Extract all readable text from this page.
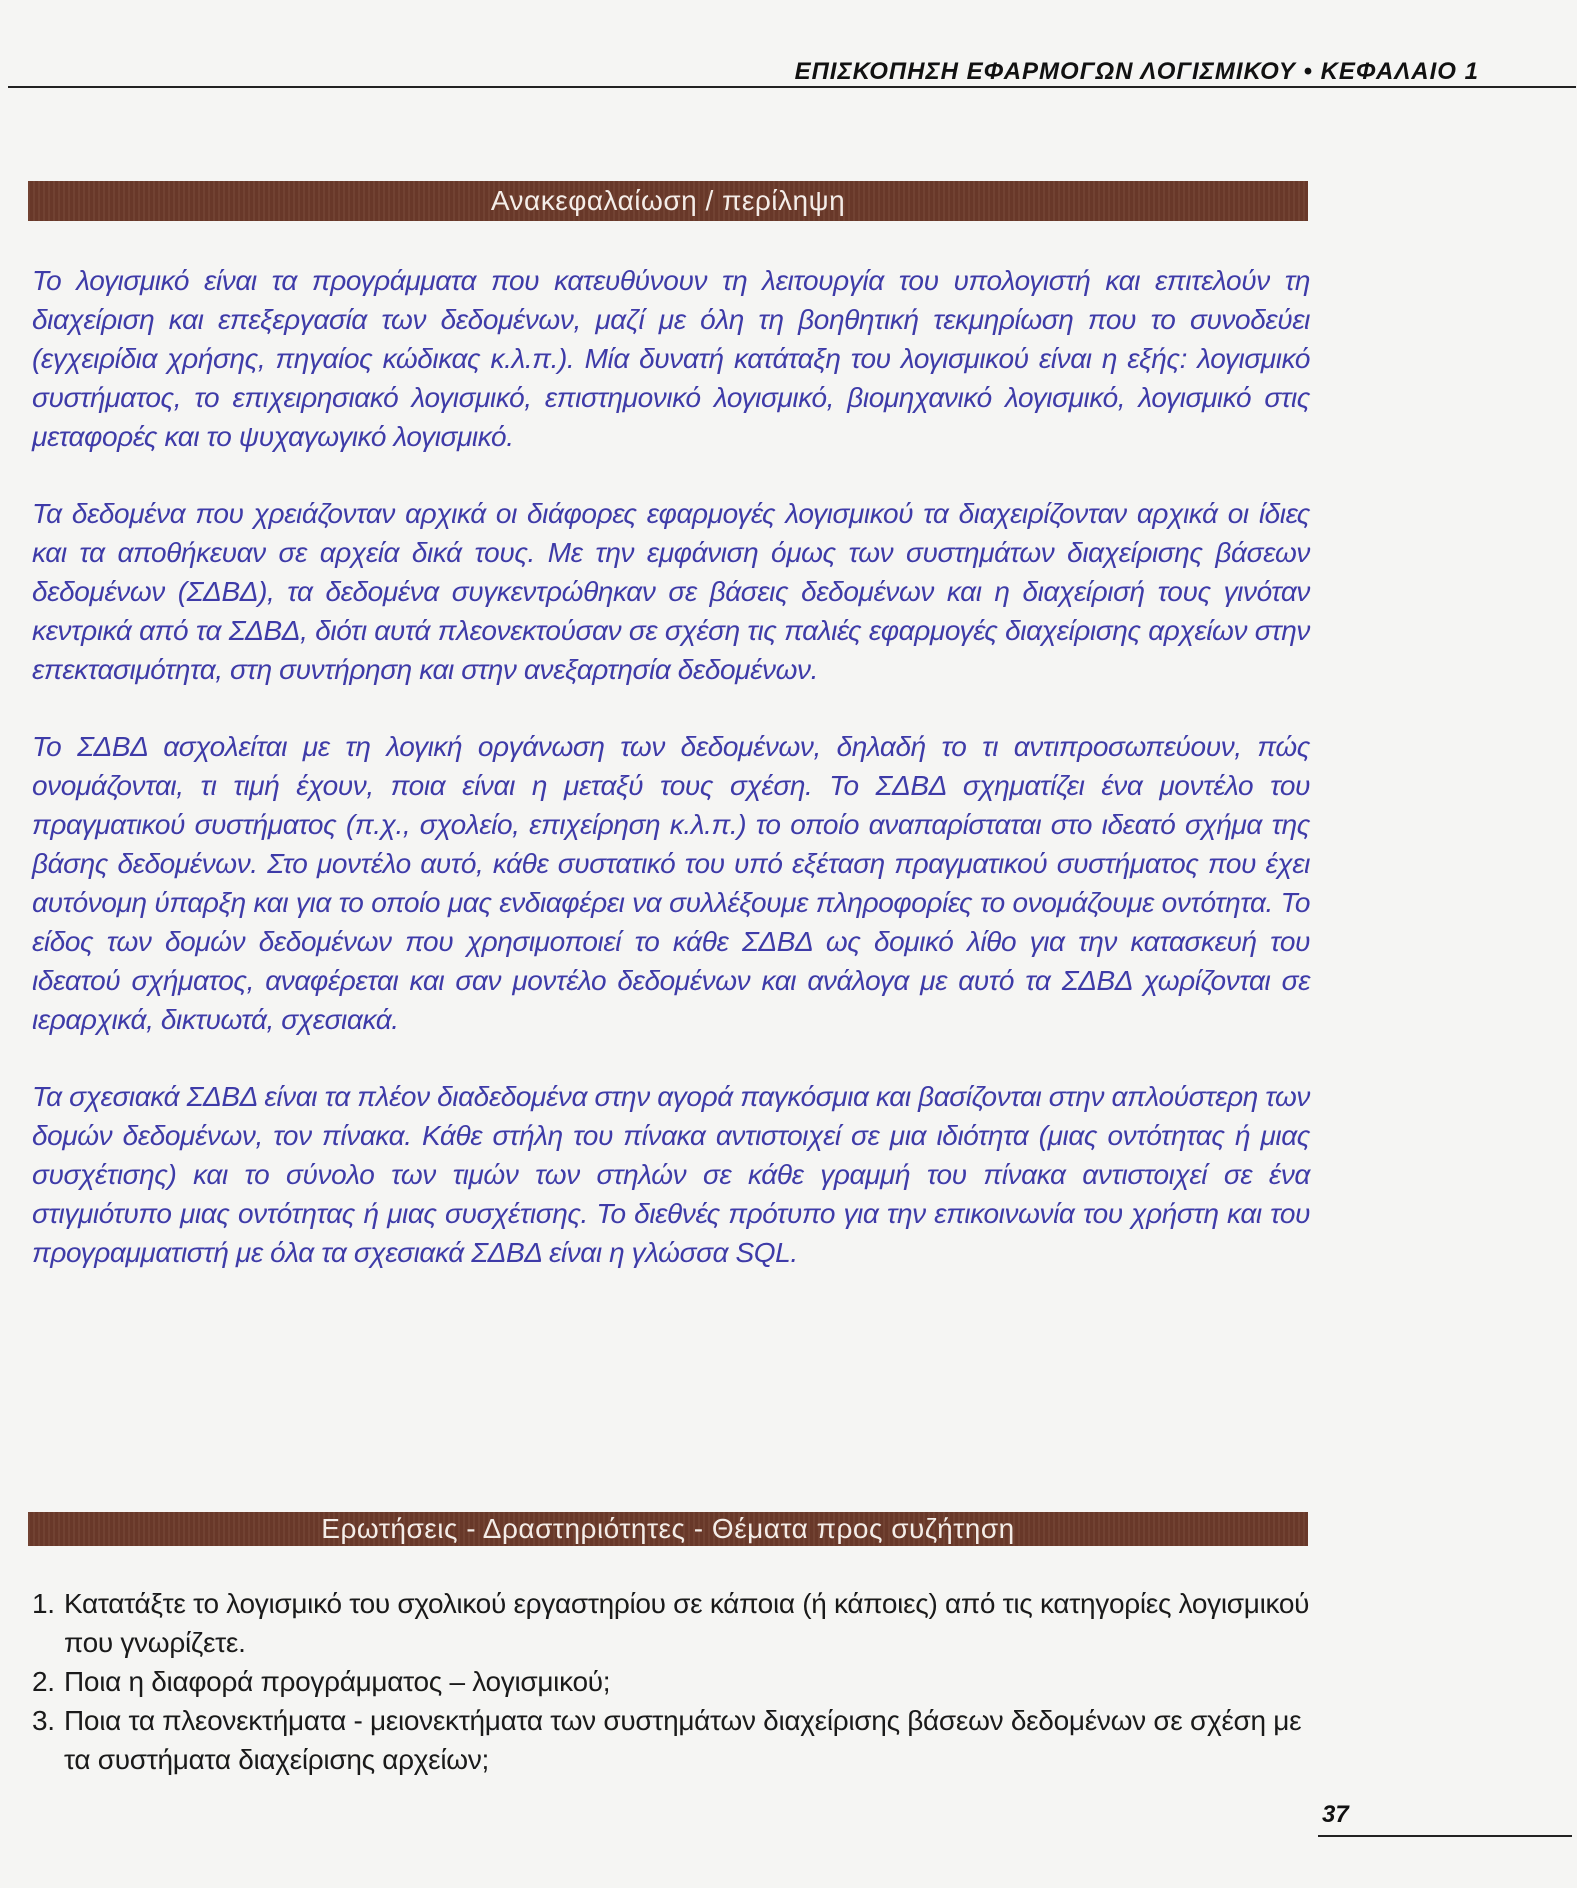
ΕΠΙΣΚΟΠΗΣΗ ΕΦΑΡΜΟΓΩΝ ΛΟΓΙΣΜΙΚΟΥ • ΚΕΦΑΛΑΙΟ 1
Ανακεφαλαίωση / περίληψη

Το λογισμικό είναι τα προγράμματα που κατευθύνουν τη λειτουργία του υπολογιστή και επιτελούν τη διαχείριση και επεξεργασία των δεδομένων, μαζί με όλη τη βοηθητική τεκμηρίωση που το συνοδεύει (εγχειρίδια χρήσης, πηγαίος κώδικας κ.λ.π.). Μία δυνατή κατάταξη του λογισμικού είναι η εξής: λογισμικό συστήματος, το επιχειρησιακό λογισμικό, επιστημονικό λογισμικό, βιομηχανικό λογισμικό, λογισμικό στις μεταφορές και το ψυχαγωγικό λογισμικό.

Τα δεδομένα που χρειάζονταν αρχικά οι διάφορες εφαρμογές λογισμικού τα διαχειρίζονταν αρχικά οι ίδιες και τα αποθήκευαν σε αρχεία δικά τους. Με την εμφάνιση όμως των συστημάτων διαχείρισης βάσεων δεδομένων (ΣΔΒΔ), τα δεδομένα συγκεντρώθηκαν σε βάσεις δεδομένων και η διαχείρισή τους γινόταν κεντρικά από τα ΣΔΒΔ, διότι αυτά πλεονεκτούσαν σε σχέση τις παλιές εφαρμογές διαχείρισης αρχείων στην επεκτασιμότητα, στη συντήρηση και στην ανεξαρτησία δεδομένων.

Το ΣΔΒΔ ασχολείται με τη λογική οργάνωση των δεδομένων, δηλαδή το τι αντιπροσωπεύουν, πώς ονομάζονται, τι τιμή έχουν, ποια είναι η μεταξύ τους σχέση. Το ΣΔΒΔ σχηματίζει ένα μοντέλο του πραγματικού συστήματος (π.χ., σχολείο, επιχείρηση κ.λ.π.) το οποίο αναπαρίσταται στο ιδεατό σχήμα της βάσης δεδομένων. Στο μοντέλο αυτό, κάθε συστατικό του υπό εξέταση πραγματικού συστήματος που έχει αυτόνομη ύπαρξη και για το οποίο μας ενδιαφέρει να συλλέξουμε πληροφορίες το ονομάζουμε οντότητα. Το είδος των δομών δεδομένων που χρησιμοποιεί το κάθε ΣΔΒΔ ως δομικό λίθο για την κατασκευή του ιδεατού σχήματος, αναφέρεται και σαν μοντέλο δεδομένων και ανάλογα με αυτό τα ΣΔΒΔ χωρίζονται σε ιεραρχικά, δικτυωτά, σχεσιακά.

Τα σχεσιακά ΣΔΒΔ είναι τα πλέον διαδεδομένα στην αγορά παγκόσμια και βασίζονται στην απλούστερη των δομών δεδομένων, τον πίνακα. Κάθε στήλη του πίνακα αντιστοιχεί σε μια ιδιότητα (μιας οντότητας ή μιας συσχέτισης) και το σύνολο των τιμών των στηλών σε κάθε γραμμή του πίνακα αντιστοιχεί σε ένα στιγμιότυπο μιας οντότητας ή μιας συσχέτισης. Το διεθνές πρότυπο για την επικοινωνία του χρήστη και του προγραμματιστή με όλα τα σχεσιακά ΣΔΒΔ είναι η γλώσσα SQL.

Ερωτήσεις - Δραστηριότητες - Θέματα προς συζήτηση
1. Κατατάξτε το λογισμικό του σχολικού εργαστηρίου σε κάποια (ή κάποιες) από τις κατηγορίες λογισμικού που γνωρίζετε.
2. Ποια η διαφορά προγράμματος – λογισμικού;
3. Ποια τα πλεονεκτήματα - μειονεκτήματα των συστημάτων διαχείρισης βάσεων δεδομένων σε σχέση με τα συστήματα διαχείρισης αρχείων;
37
